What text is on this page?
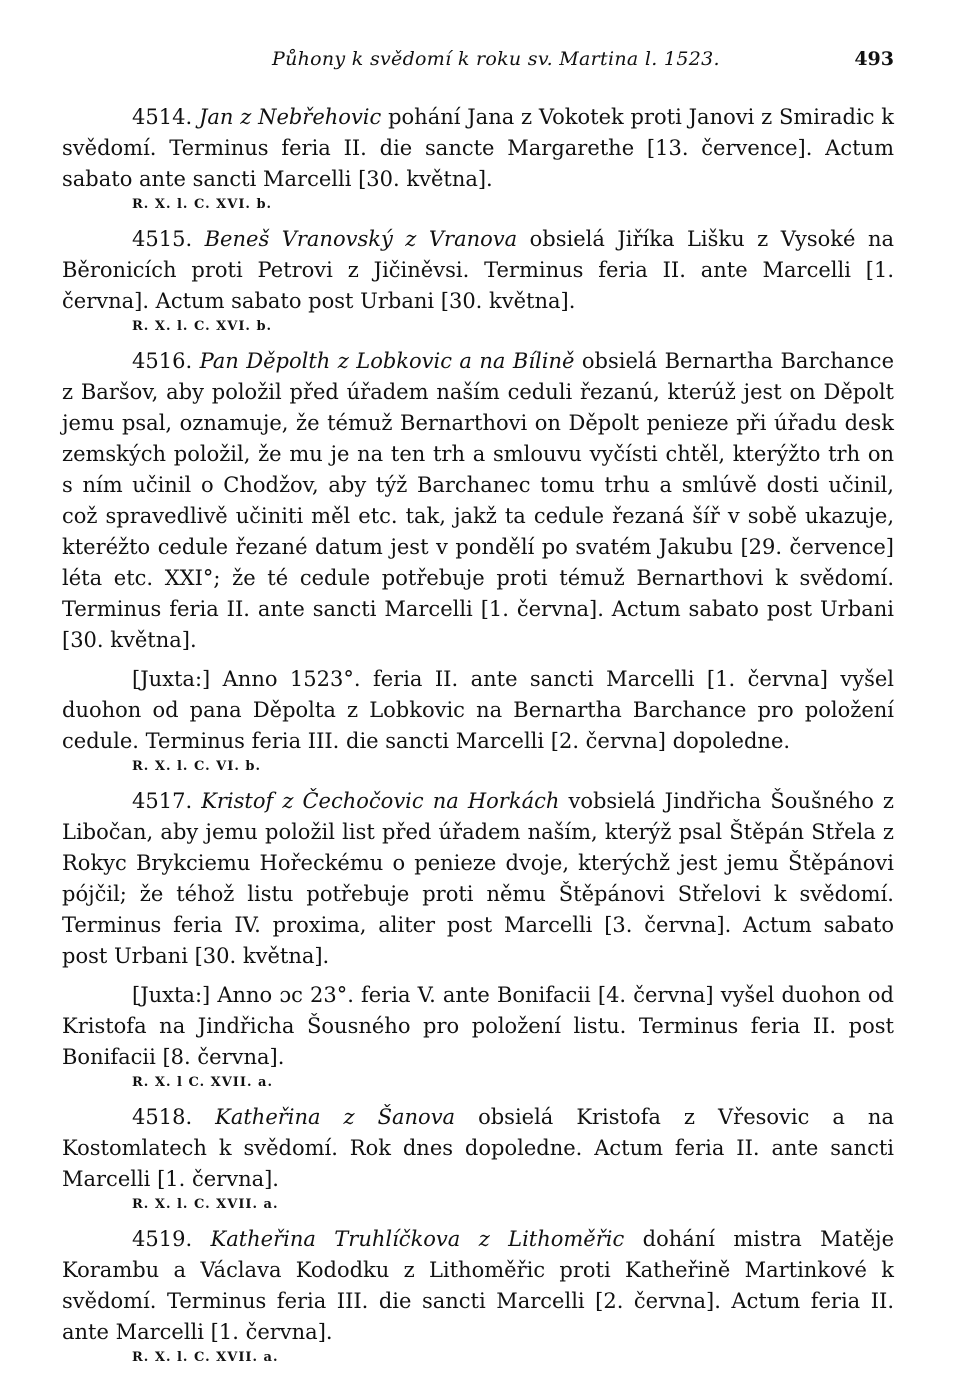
Půhony k svědomí k roku sv. Martina l. 1523.	493

4514. Jan z Nebřehovic pohání Jana z Vokotek proti Janovi z Smiradic k svědomí. Terminus feria II. die sancte Margarethe [13. července]. Actum sabato ante sancti Marcelli [30. května].

R. X. l. C. XVI. b.

4515. Beneš Vranovský z Vranova obsielá Jiříka Lišku z Vysoké na Běronicích proti Petrovi z Jičiněvsi. Terminus feria II. ante Marcelli [1. června]. Actum sabato post Urbani [30. května].

R. X. l. C. XVI. b.

4516. Pan Děpolth z Lobkovic a na Bílině obsielá Bernartha Barchance z Baršov, aby položil před úřadem naším ceduli řezanú, kterúž jest on Děpolt jemu psal, oznamuje, že témuž Bernarthovi on Děpolt penieze při úřadu desk zemských položil, že mu je na ten trh a smlouvu vyčísti chtěl, kterýžto trh on s ním učinil o Chodžov, aby týž Barchanec tomu trhu a smlúvě dosti učinil, což spravedlivě učiniti měl etc. tak, jakž ta cedule řezaná šíř v sobě ukazuje, kteréžto cedule řezané datum jest v pondělí po svatém Jakubu [29. července] léta etc. XXI°; že té cedule potřebuje proti témuž Bernarthovi k svědomí. Terminus feria II. ante sancti Marcelli [1. června]. Actum sabato post Urbani [30. května].

[Juxta:] Anno 1523°. feria II. ante sancti Marcelli [1. června] vyšel duohon od pana Děpolta z Lobkovic na Bernartha Barchance pro položení cedule. Terminus feria III. die sancti Marcelli [2. června] dopoledne.

R. X. l. C. VI. b.

4517. Kristof z Čechočovic na Horkách vobsielá Jindřicha Šoušného z Libočan, aby jemu položil list před úřadem naším, kterýž psal Štěpán Střela z Rokyc Brykciemu Hořeckému o penieze dvoje, kterýchž jest jemu Štěpánovi pójčil; že téhož listu potřebuje proti němu Štěpánovi Střelovi k svědomí. Terminus feria IV. proxima, aliter post Marcelli [3. června]. Actum sabato post Urbani [30. května].

[Juxta:] Anno ɔc 23°. feria V. ante Bonifacii [4. června] vyšel duohon od Kristofa na Jindřicha Šousného pro položení listu. Terminus feria II. post Bonifacii [8. června].

R. X. l C. XVII. a.

4518. Katheřina z Šanova obsielá Kristofa z Vřesovic a na Kostomlatech k svědomí. Rok dnes dopoledne. Actum feria II. ante sancti Marcelli [1. června].

R. X. l. C. XVII. a.

4519. Katheřina Truhlíčkova z Lithoměřic dohání mistra Matěje Korambu a Václava Kododku z Lithoměřic proti Katheřině Martinkové k svědomí. Terminus feria III. die sancti Marcelli [2. června]. Actum feria II. ante Marcelli [1. června].

R. X. l. C. XVII. a.
